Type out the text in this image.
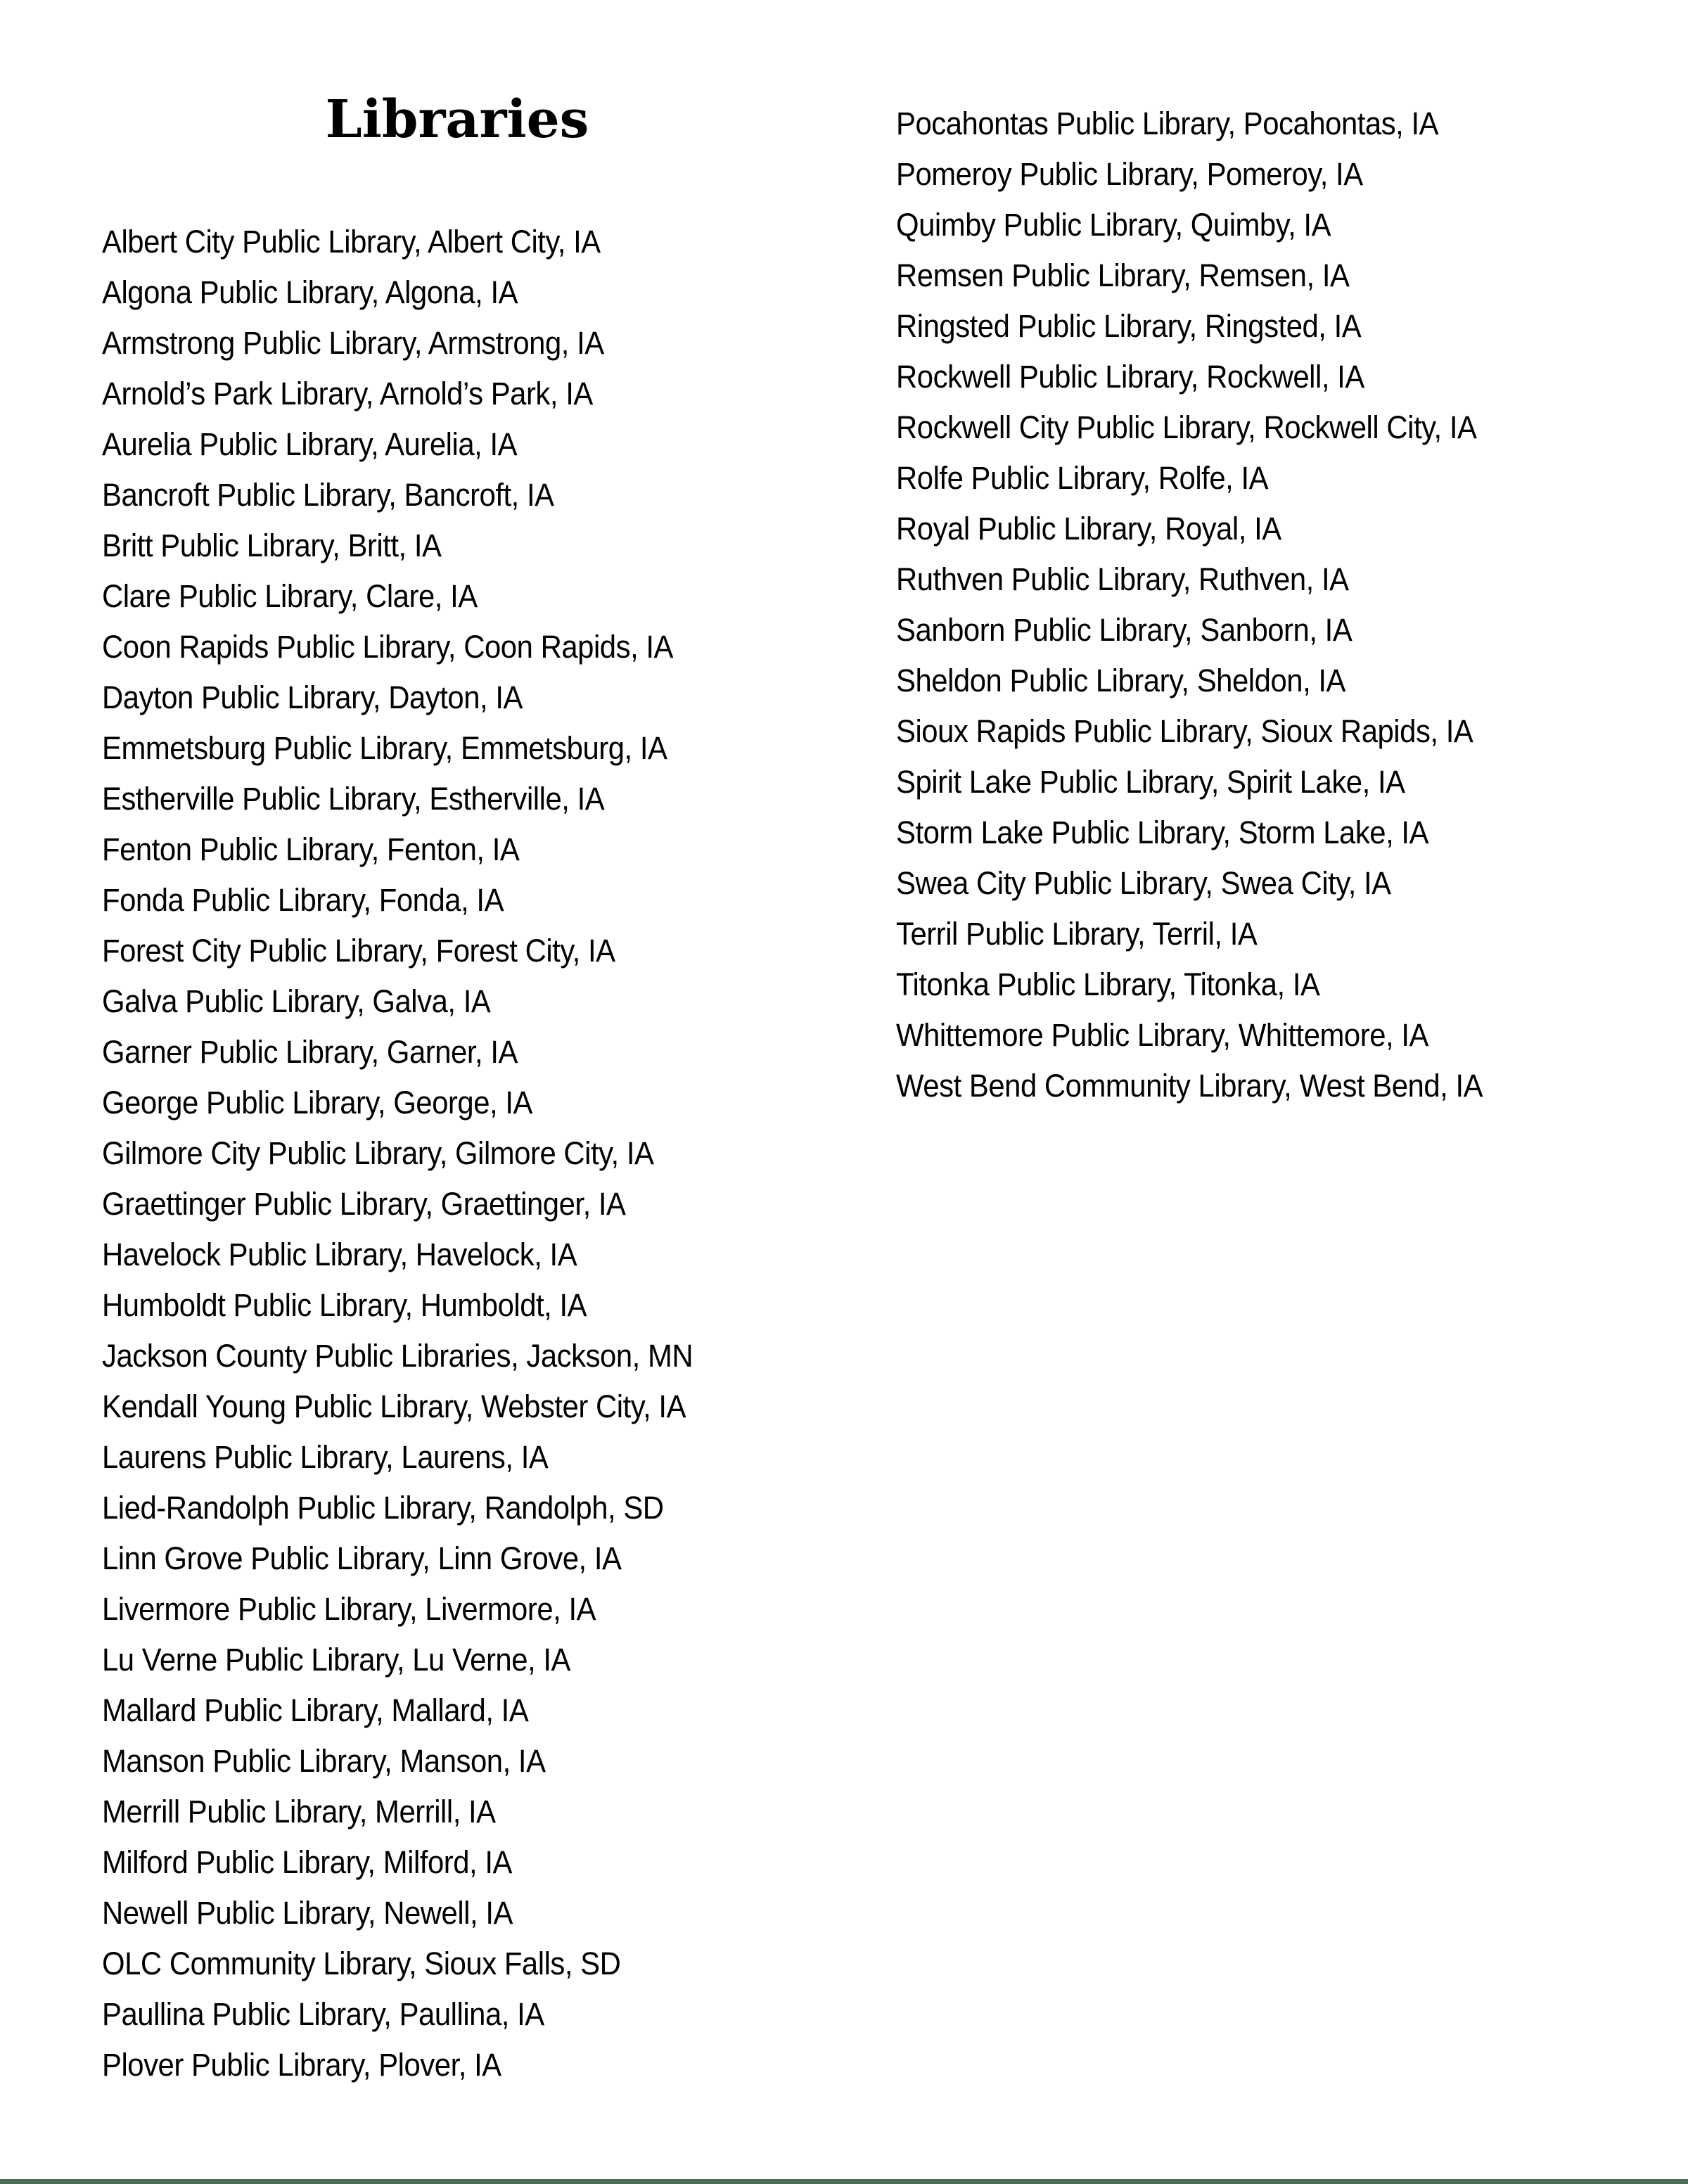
Libraries
Albert City Public Library, Albert City, IA
Algona Public Library, Algona, IA
Armstrong Public Library, Armstrong, IA
Arnold’s Park Library, Arnold’s Park, IA
Aurelia Public Library, Aurelia, IA
Bancroft Public Library, Bancroft, IA
Britt Public Library, Britt, IA
Clare Public Library, Clare, IA
Coon Rapids Public Library, Coon Rapids, IA
Dayton Public Library, Dayton, IA
Emmetsburg Public Library, Emmetsburg, IA
Estherville Public Library, Estherville, IA
Fenton Public Library, Fenton, IA
Fonda Public Library, Fonda, IA
Forest City Public Library, Forest City, IA
Galva Public Library, Galva, IA
Garner Public Library, Garner, IA
George Public Library, George, IA
Gilmore City Public Library, Gilmore City, IA
Graettinger Public Library, Graettinger, IA
Havelock Public Library, Havelock, IA
Humboldt Public Library, Humboldt, IA
Jackson County Public Libraries, Jackson, MN
Kendall Young Public Library, Webster City, IA
Laurens Public Library, Laurens, IA
Lied-Randolph Public Library, Randolph, SD
Linn Grove Public Library, Linn Grove, IA
Livermore Public Library, Livermore, IA
Lu Verne Public Library, Lu Verne, IA
Mallard Public Library, Mallard, IA
Manson Public Library, Manson, IA
Merrill Public Library, Merrill, IA
Milford Public Library, Milford, IA
Newell Public Library, Newell, IA
OLC Community Library, Sioux Falls, SD
Paullina Public Library, Paullina, IA
Plover Public Library, Plover, IA
Pocahontas Public Library, Pocahontas, IA
Pomeroy Public Library, Pomeroy, IA
Quimby Public Library, Quimby, IA
Remsen Public Library, Remsen, IA
Ringsted Public Library, Ringsted, IA
Rockwell Public Library, Rockwell, IA
Rockwell City Public Library, Rockwell City, IA
Rolfe Public Library, Rolfe, IA
Royal Public Library, Royal, IA
Ruthven Public Library, Ruthven, IA
Sanborn Public Library, Sanborn, IA
Sheldon Public Library, Sheldon, IA
Sioux Rapids Public Library, Sioux Rapids, IA
Spirit Lake Public Library, Spirit Lake, IA
Storm Lake Public Library, Storm Lake, IA
Swea City Public Library, Swea City, IA
Terril Public Library, Terril, IA
Titonka Public Library, Titonka, IA
Whittemore Public Library, Whittemore, IA
West Bend Community Library, West Bend, IA
